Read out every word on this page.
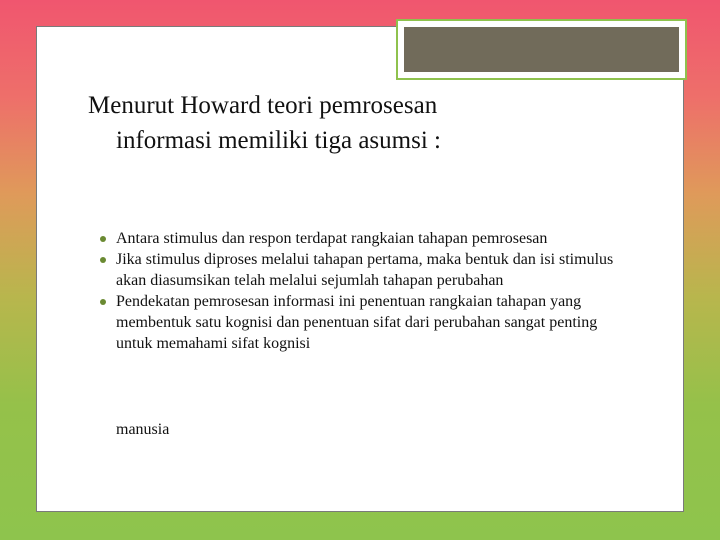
Menurut Howard teori pemrosesan
informasi memiliki tiga asumsi :
Antara stimulus dan respon terdapat rangkaian tahapan pemrosesan
Jika stimulus diproses melalui tahapan pertama, maka bentuk dan isi stimulus akan diasumsikan telah melalui sejumlah tahapan perubahan
Pendekatan pemrosesan informasi ini penentuan rangkaian tahapan yang membentuk satu kognisi dan penentuan sifat dari perubahan sangat penting untuk memahami sifat kognisi
manusia
